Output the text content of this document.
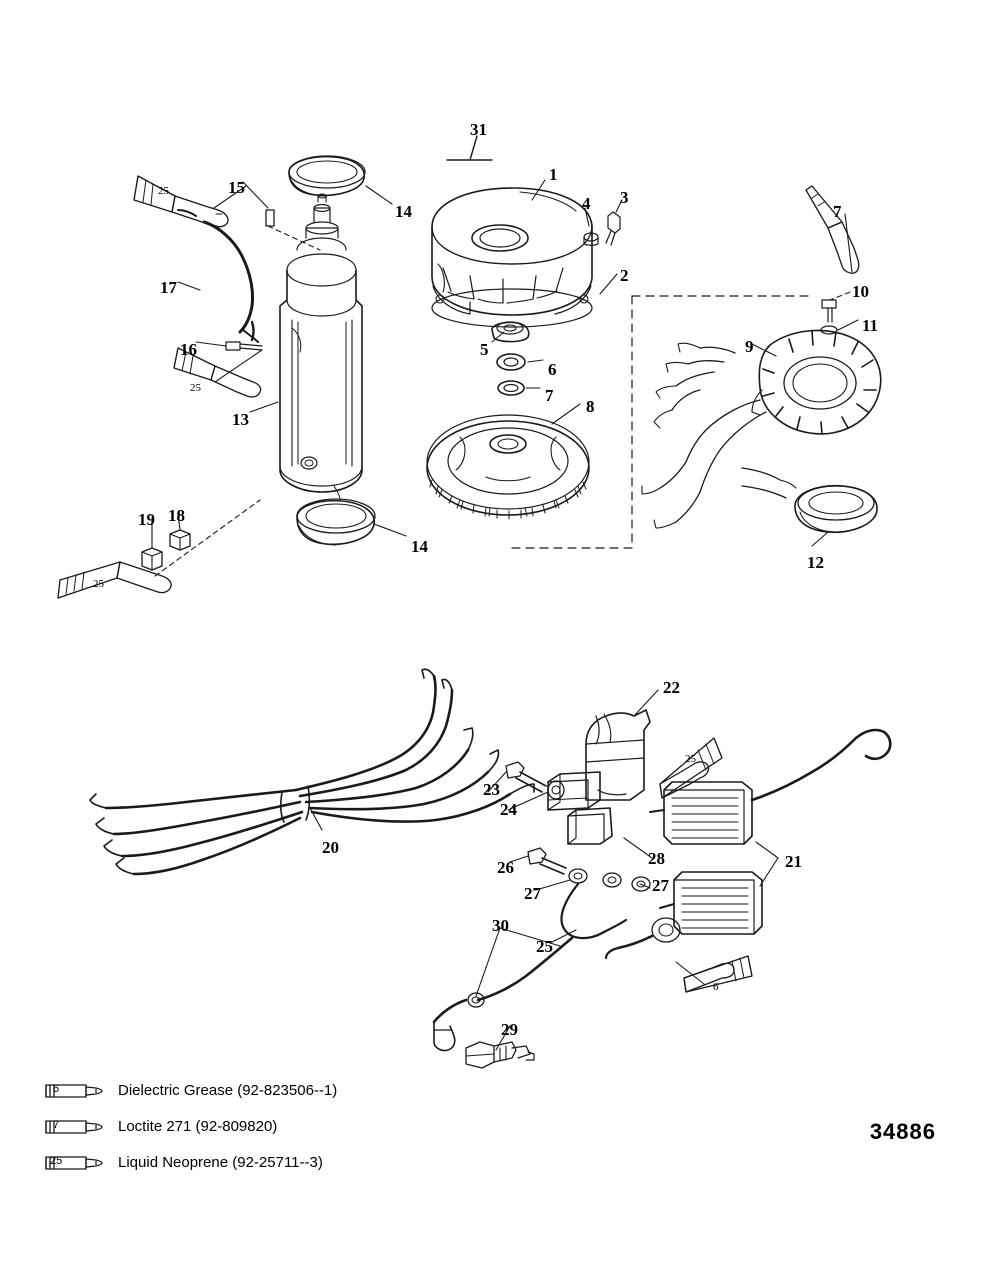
31
1
4 3
15
14	7
10
11
2
17
9
5
6
16
7
8
13
12
19 18
14
22
23
24
20
26	28	21
27	27
30
25
29
25
25
25
25
6
6	Dielectric Grease (92-823506--1)
7	Loctite 271 (92-809820)
25	Liquid Neoprene (92-25711--3)
34886
